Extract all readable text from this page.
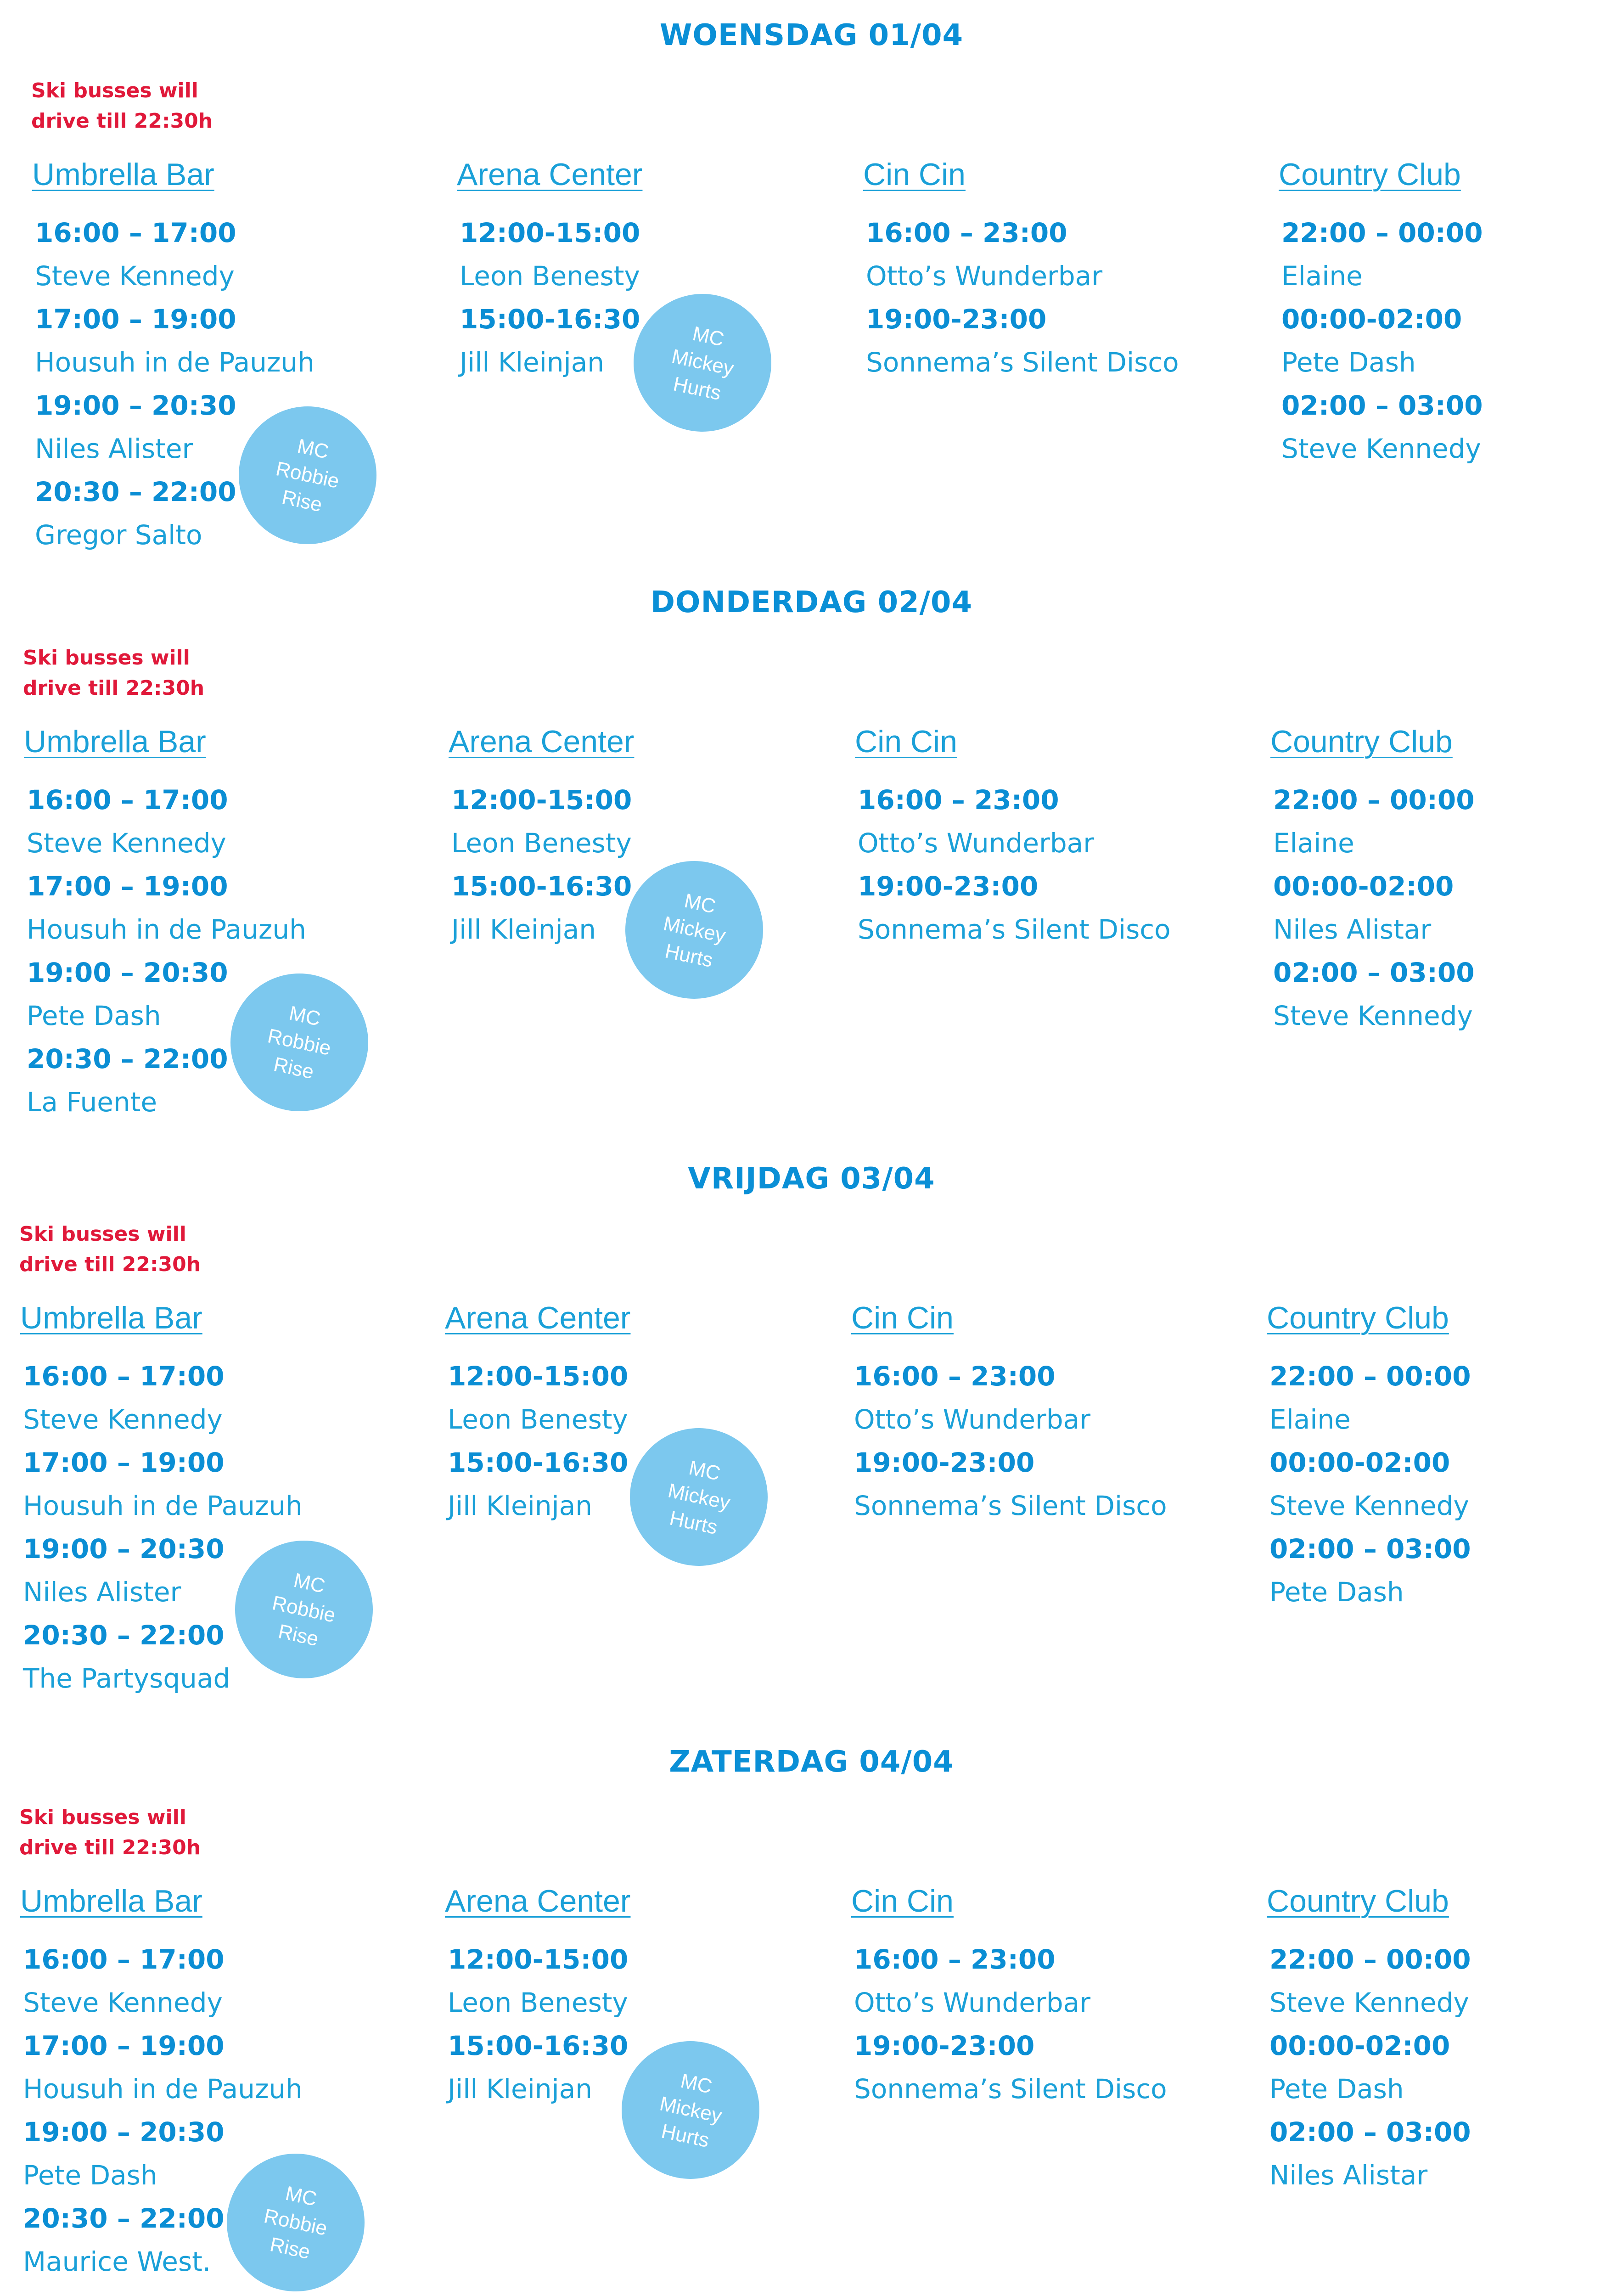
WOENSDAG 01/04
Ski busses will drive till 22:30h
Umbrella Bar
16:00 – 17:00
Steve Kennedy
17:00 – 19:00
Housuh in de Pauzuh
19:00 – 20:30
Niles Alister
20:30 – 22:00
Gregor Salto
Arena Center
12:00-15:00
Leon Benesty
15:00-16:30
Jill Kleinjan
Cin Cin
16:00 – 23:00
Otto’s Wunderbar
19:00-23:00
Sonnema’s Silent Disco
Country Club
22:00 – 00:00
Elaine
00:00-02:00
Pete Dash
02:00 – 03:00
Steve Kennedy
MC
Robbie
Rise
MC
Mickey
Hurts
DONDERDAG 02/04
Ski busses will drive till 22:30h
Umbrella Bar
16:00 – 17:00
Steve Kennedy
17:00 – 19:00
Housuh in de Pauzuh
19:00 – 20:30
Pete Dash
20:30 – 22:00
La Fuente
Arena Center
12:00-15:00
Leon Benesty
15:00-16:30
Jill Kleinjan
Cin Cin
16:00 – 23:00
Otto’s Wunderbar
19:00-23:00
Sonnema’s Silent Disco
Country Club
22:00 – 00:00
Elaine
00:00-02:00
Niles Alistar
02:00 – 03:00
Steve Kennedy
MC
Robbie
Rise
MC
Mickey
Hurts
VRIJDAG 03/04
Ski busses will drive till 22:30h
Umbrella Bar
16:00 – 17:00
Steve Kennedy
17:00 – 19:00
Housuh in de Pauzuh
19:00 – 20:30
Niles Alister
20:30 – 22:00
The Partysquad
Arena Center
12:00-15:00
Leon Benesty
15:00-16:30
Jill Kleinjan
Cin Cin
16:00 – 23:00
Otto’s Wunderbar
19:00-23:00
Sonnema’s Silent Disco
Country Club
22:00 – 00:00
Elaine
00:00-02:00
Steve Kennedy
02:00 – 03:00
Pete Dash
MC
Robbie
Rise
MC
Mickey
Hurts
ZATERDAG 04/04
Ski busses will drive till 22:30h
Umbrella Bar
16:00 – 17:00
Steve Kennedy
17:00 – 19:00
Housuh in de Pauzuh
19:00 – 20:30
Pete Dash
20:30 – 22:00
Maurice West.
Arena Center
12:00-15:00
Leon Benesty
15:00-16:30
Jill Kleinjan
Cin Cin
16:00 – 23:00
Otto’s Wunderbar
19:00-23:00
Sonnema’s Silent Disco
Country Club
22:00 – 00:00
Steve Kennedy
00:00-02:00
Pete Dash
02:00 – 03:00
Niles Alistar
MC
Robbie
Rise
MC
Mickey
Hurts
